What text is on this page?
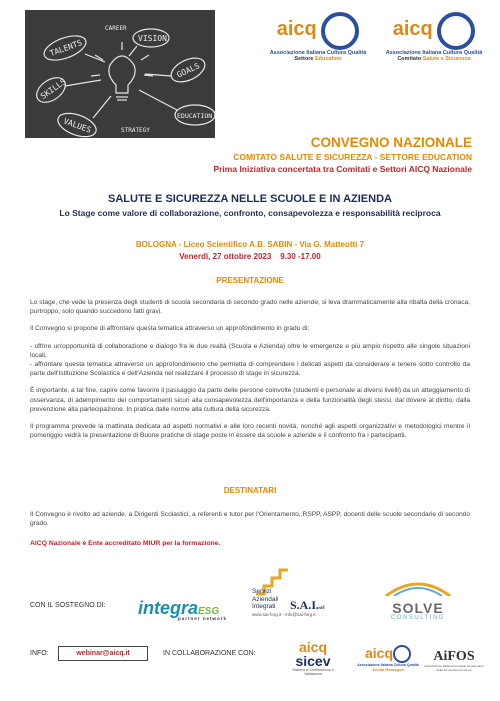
TALENTS	VISION
CAREER
GOALS
SKILLS
EDUCATION
VALUES	STRATEGY
aicq
Associazione Italiana Cultura Qualità
Settore Education
aicq
Associazione Italiana Cultura Qualità
Comitato Salute e Sicurezza
CONVEGNO NAZIONALE
COMITATO SALUTE E SICUREZZA - SETTORE EDUCATION
Prima Iniziativa concertata tra Comitati e Settori AICQ Nazionale
SALUTE E SICUREZZA NELLE SCUOLE E IN AZIENDA
Lo Stage come valore di collaborazione, confronto, consapevolezza e responsabilità reciproca
BOLOGNA - Liceo Scientifico A.B. SABIN - Via G. Matteotti 7
Venerdì, 27 ottobre 2023 9.30 -17.00
PRESENTAZIONE

Lo stage, che vede la presenza degli studenti di scuola secondaria di secondo grado nelle aziende, si leva drammaticamente alla ribalta della cronaca, purtroppo, solo quando succedono fatti gravi.

Il Convegno si propone di affrontare questa tematica attraverso un approfondimento in grado di:

- offrire un'opportunità di collaborazione e dialogo fra le due realtà (Scuola e Azienda) oltre le emergenze e più ampio rispetto alle singole situazioni locali,

- affrontare questa tematica attraverso un approfondimento che permetta di comprendere i delicati aspetti da considerare e tenere sotto controllo da parte dell'Istituzione Scolastica e dell'Azienda nel realizzare il processo di stage in sicurezza.

È importante, a tal fine, capire come favorire il passaggio da parte delle persone coinvolte (studenti e personale ai diversi livelli) da un atteggiamento di osservanza, di adempimento dei comportamenti sicuri alla consapevolezza dell'importanza e della funzionalità degli stessi, dal dovere al diritto, dalla prevenzione alla partecipazione. In pratica dalle norme alla cultura della sicurezza.

Il programma prevede la mattinata dedicata ad aspetti normativi e alle loro recenti novità, nonché agli aspetti organizzativi e metodologici mentre il pomeriggio vedrà la presentazione di Buone pratiche di stage poste in essere da scuole e aziende e il confronto fra i partecipanti.

DESTINATARI

Il Convegno è rivolto ad aziende, a Dirigenti Scolastici, a referenti e tutor per l'Orientamento, RSPP, ASPP, docenti delle scuole secondarie di secondo grado.

AICQ Nazionale è Ente accreditato MIUR per la formazione.
CON IL SOSTEGNO DI: integraESG
partner network
Servizi
Aziendali
Integrati	S.A.I.srl
www.sai-forg.it - info@sai-forg.it	SOLVE
CONSULTING
INFO:	webinar@aicq.it	IN COLLABORAZIONE CON:	aicq
sicev
Sistema di Certificazione e Validazione
aicq
Associazione Italiana Cultura Qualità
Emilia Romagna
AiFOS
Associazione Italiana Formatori ed Operatori della Sicurezza sul Lavoro
